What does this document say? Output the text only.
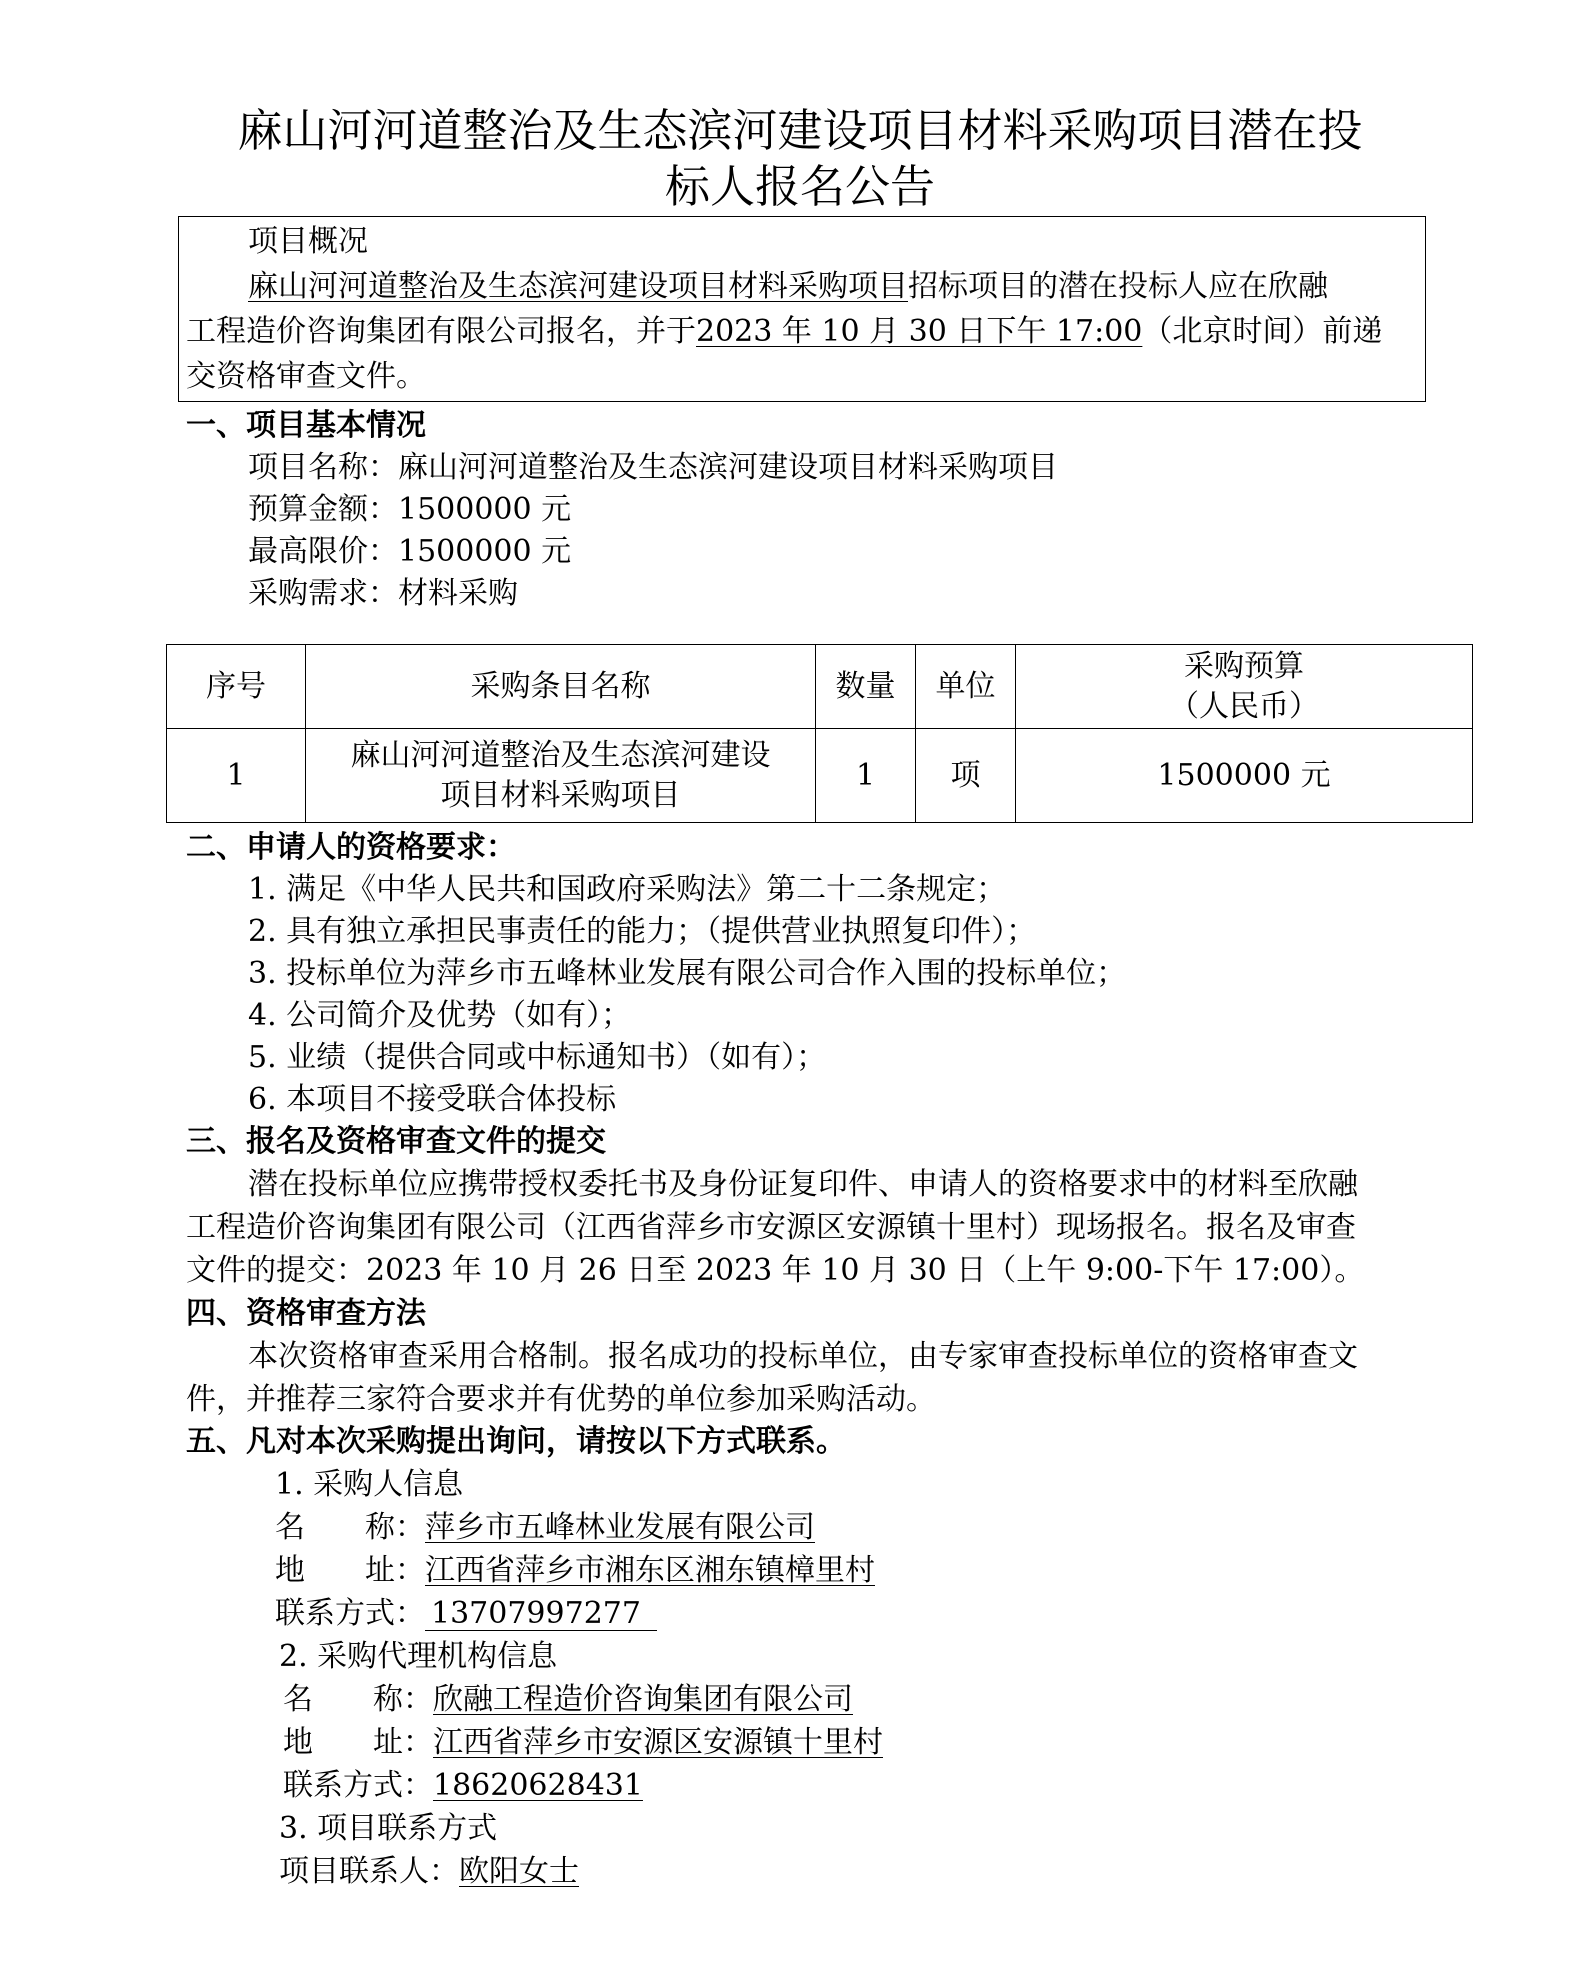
麻山河河道整治及生态滨河建设项目材料采购项目潜在投
标人报名公告
项目概况
麻山河河道整治及生态滨河建设项目材料采购项目招标项目的潜在投标人应在欣融
工程造价咨询集团有限公司报名，并于2023 年 10 月 30 日下午 17:00（北京时间）前递
交资格审查文件。
一、项目基本情况
项目名称：麻山河河道整治及生态滨河建设项目材料采购项目
预算金额：1500000 元
最高限价：1500000 元
采购需求：材料采购
序号	采购条目名称	数量	单位	采购预算
（人民币）

1	麻山河河道整治及生态滨河建设
项目材料采购项目	1	项	1500000 元
二、申请人的资格要求：
1. 满足《中华人民共和国政府采购法》第二十二条规定；
2. 具有独立承担民事责任的能力；（提供营业执照复印件）；
3. 投标单位为萍乡市五峰林业发展有限公司合作入围的投标单位；
4. 公司简介及优势（如有）；
5. 业绩（提供合同或中标通知书）（如有）；
6. 本项目不接受联合体投标
三、报名及资格审查文件的提交
潜在投标单位应携带授权委托书及身份证复印件、申请人的资格要求中的材料至欣融
工程造价咨询集团有限公司（江西省萍乡市安源区安源镇十里村）现场报名。报名及审查
文件的提交：2023 年 10 月 26 日至 2023 年 10 月 30 日（上午 9:00-下午 17:00）。
四、资格审查方法
本次资格审查采用合格制。报名成功的投标单位，由专家审查投标单位的资格审查文
件，并推荐三家符合要求并有优势的单位参加采购活动。
五、凡对本次采购提出询问，请按以下方式联系。
1. 采购人信息
名　　称：萍乡市五峰林业发展有限公司
地　　址：江西省萍乡市湘东区湘东镇樟里村
联系方式： 13707997277
2. 采购代理机构信息
名　　称：欣融工程造价咨询集团有限公司
地　　址：江西省萍乡市安源区安源镇十里村
联系方式：18620628431
3. 项目联系方式
项目联系人：欧阳女士
